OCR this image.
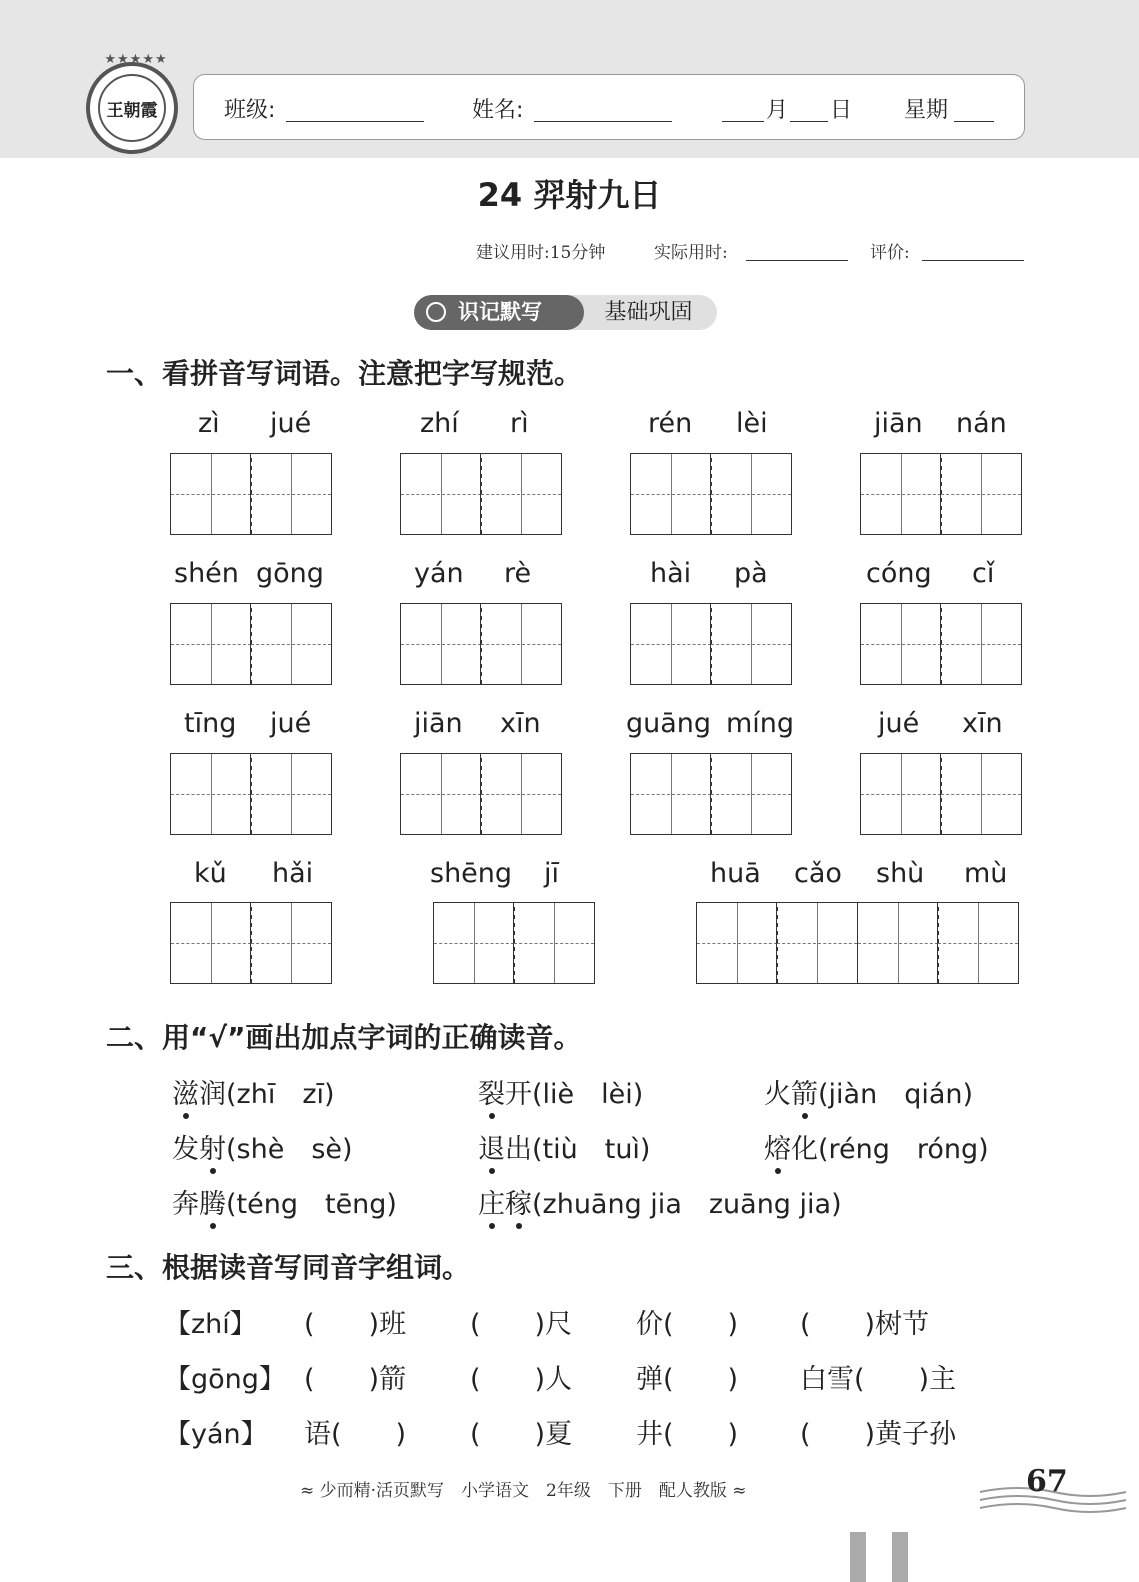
★★★★★
王朝霞	班级:	姓名:	月 日 星期
24 羿射九日
建议用时:15分钟	实际用时:	评价:
基础巩固
识记默写
一、看拼音写词语。注意把字写规范。
zì jué	zhí rì	rén lèi	jiān nán
shén gōng	yán rè	hài pà	cóng cǐ
tīng jué	jiān xīn	guāng míng	jué xīn
kǔ hǎi	shēng jī	huā cǎo shù mù
二、用“√”画出加点字词的正确读音。
滋润(zhī　zī)	裂开(liè　lèi)	火箭(jiàn　qián)
发射(shè　sè)	退出(tiù　tuì)	熔化(réng　róng)
奔腾(téng　tēng)	庄稼(zhuāng jia　zuāng jia)
三、根据读音写同音字组词。
【zhí】 (　　)班 (　　)尺 价(　　) (　　)树节
【gōng】 (　　)箭 (　　)人 弹(　　) 白雪(　　)主
【yán】 语(　　) (　　)夏 井(　　) (　　)黄子孙
≈ 少而精·活页默写　小学语文　2年级　下册　配人教版 ≈	67
